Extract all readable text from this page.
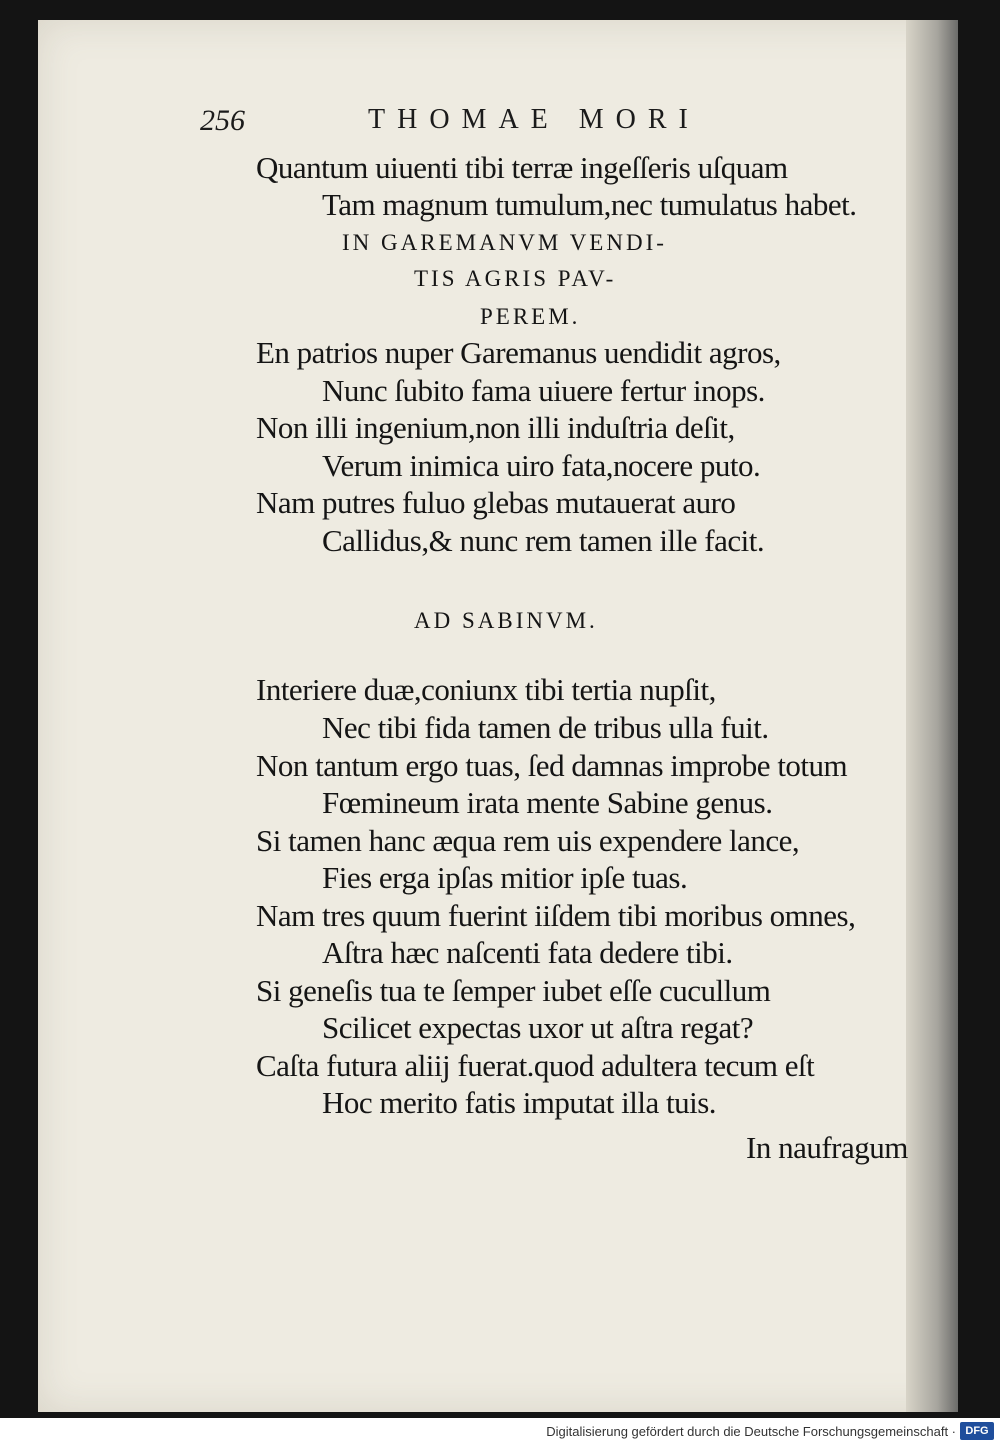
256	THOMAE MORI
Quantum uiuenti tibi terræ ingeſſeris uſquam
Tam magnum tumulum,nec tumulatus habet.
IN GAREMANVM VENDI-
TIS AGRIS PAV-
PEREM.
En patrios nuper Garemanus uendidit agros,
Nunc ſubito fama uiuere fertur inops.
Non illi ingenium,non illi induſtria deſit,
Verum inimica uiro fata,nocere puto.
Nam putres fuluo glebas mutauerat auro
Callidus,& nunc rem tamen ille facit.
AD SABINVM.
Interiere duæ,coniunx tibi tertia nupſit,
Nec tibi fida tamen de tribus ulla fuit.
Non tantum ergo tuas, ſed damnas improbe totum
Fœmineum irata mente Sabine genus.
Si tamen hanc æqua rem uis expendere lance,
Fies erga ipſas mitior ipſe tuas.
Nam tres quum fuerint iiſdem tibi moribus omnes,
Aſtra hæc naſcenti fata dedere tibi.
Si geneſis tua te ſemper iubet eſſe cucullum
Scilicet expectas uxor ut aſtra regat?
Caſta futura aliij fuerat.quod adultera tecum eſt
Hoc merito fatis imputat illa tuis.
In naufragum
Digitalisierung gefördert durch die Deutsche Forschungsgemeinschaft · DFG
